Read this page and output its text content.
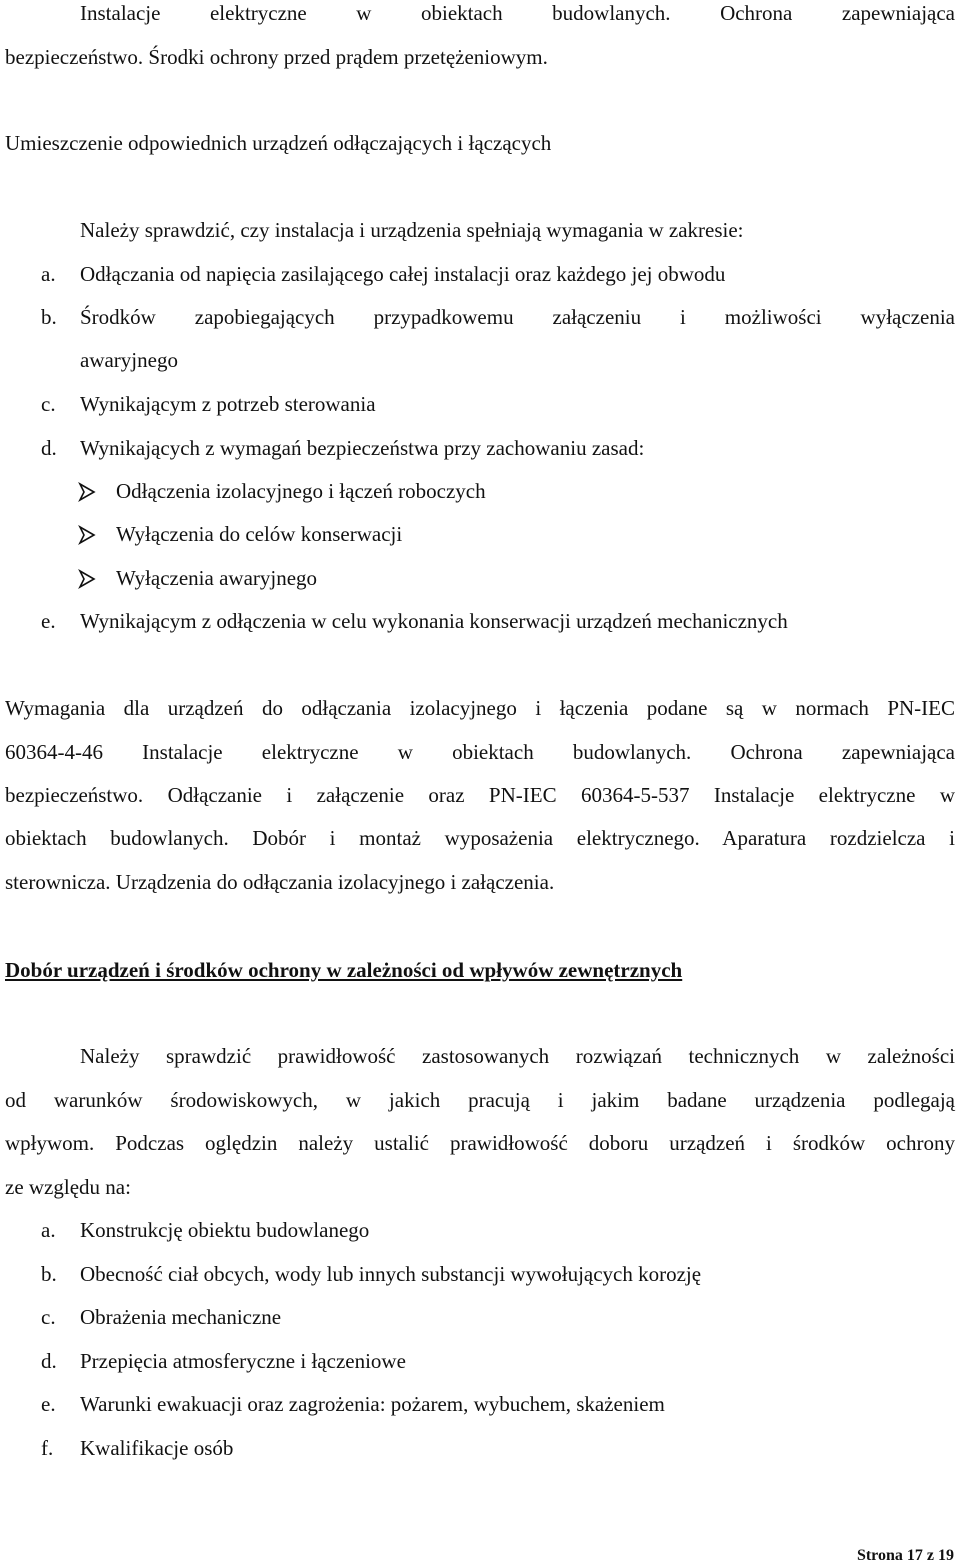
Instalacje elektryczne w obiektach budowlanych. Ochrona zapewniająca
bezpieczeństwo. Środki ochrony przed prądem przetężeniowym.
Umieszczenie odpowiednich urządzeń odłączających i łączących
Należy sprawdzić, czy instalacja i urządzenia spełniają wymagania w zakresie:
a.	Odłączania od napięcia zasilającego całej instalacji oraz każdego jej obwodu
b.	Środków zapobiegających przypadkowemu załączeniu i możliwości wyłączenia
awaryjnego
c.	Wynikającym z potrzeb sterowania
d.	Wynikających z wymagań bezpieczeństwa przy zachowaniu zasad:
Odłączenia izolacyjnego i łączeń roboczych
Wyłączenia do celów konserwacji
Wyłączenia awaryjnego
e.	Wynikającym z odłączenia w celu wykonania konserwacji urządzeń mechanicznych
Wymagania dla urządzeń do odłączania izolacyjnego i łączenia podane są w normach PN-IEC
60364-4-46 Instalacje elektryczne w obiektach budowlanych. Ochrona zapewniająca
bezpieczeństwo. Odłączanie i załączenie oraz PN-IEC 60364-5-537 Instalacje elektryczne w
obiektach budowlanych. Dobór i montaż wyposażenia elektrycznego. Aparatura rozdzielcza i
sterownicza. Urządzenia do odłączania izolacyjnego i załączenia.
Dobór urządzeń i środków ochrony w zależności od wpływów zewnętrznych
Należy sprawdzić prawidłowość zastosowanych rozwiązań technicznych w zależności
od warunków środowiskowych, w jakich pracują i jakim badane urządzenia podlegają
wpływom. Podczas oględzin należy ustalić prawidłowość doboru urządzeń i środków ochrony
ze względu na:
a.	Konstrukcję obiektu budowlanego
b.	Obecność ciał obcych, wody lub innych substancji wywołujących korozję
c.	Obrażenia mechaniczne
d.	Przepięcia atmosferyczne i łączeniowe
e.	Warunki ewakuacji oraz zagrożenia: pożarem, wybuchem, skażeniem
f.	Kwalifikacje osób
Strona 17 z 19
